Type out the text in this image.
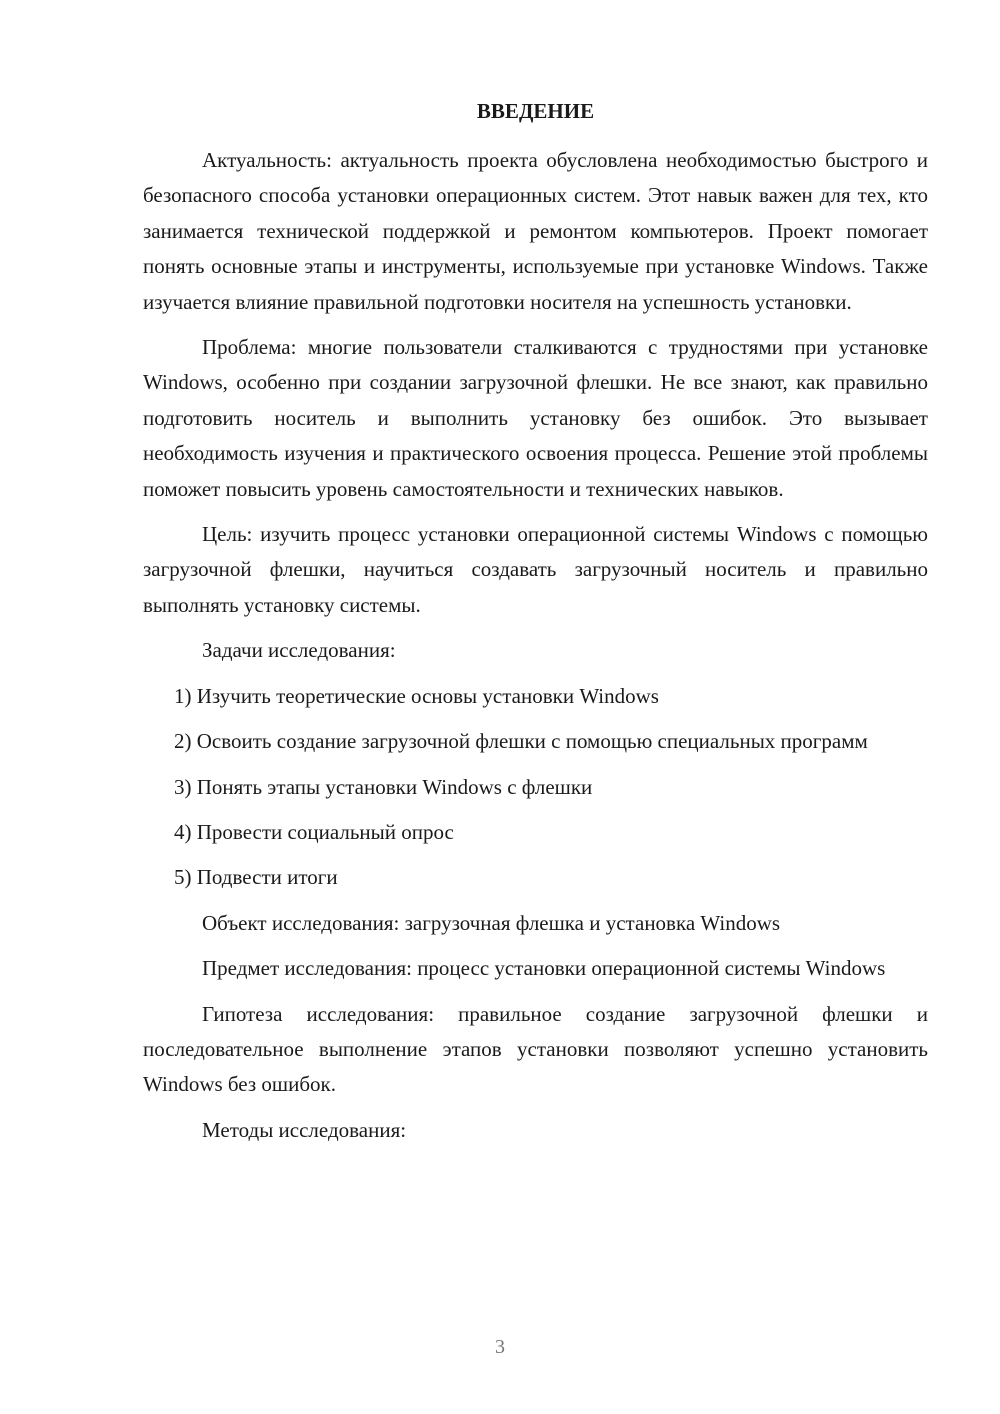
ВВЕДЕНИЕ

Актуальность: актуальность проекта обусловлена необходимостью быстрого и безопасного способа установки операционных систем. Этот навык важен для тех, кто занимается технической поддержкой и ремонтом компьютеров. Проект помогает понять основные этапы и инструменты, используемые при установке Windows. Также изучается влияние правильной подготовки носителя на успешность установки.

Проблема: многие пользователи сталкиваются с трудностями при установке Windows, особенно при создании загрузочной флешки. Не все знают, как правильно подготовить носитель и выполнить установку без ошибок. Это вызывает необходимость изучения и практического освоения процесса. Решение этой проблемы поможет повысить уровень самостоятельности и технических навыков.

Цель: изучить процесс установки операционной системы Windows с помощью загрузочной флешки, научиться создавать загрузочный носитель и правильно выполнять установку системы.

Задачи исследования:

1) Изучить теоретические основы установки Windows

2) Освоить создание загрузочной флешки с помощью специальных программ

3) Понять этапы установки Windows с флешки

4) Провести социальный опрос

5) Подвести итоги

Объект исследования: загрузочная флешка и установка Windows

Предмет исследования: процесс установки операционной системы Windows

Гипотеза исследования: правильное создание загрузочной флешки и последовательное выполнение этапов установки позволяют успешно установить Windows без ошибок.

Методы исследования:

3
